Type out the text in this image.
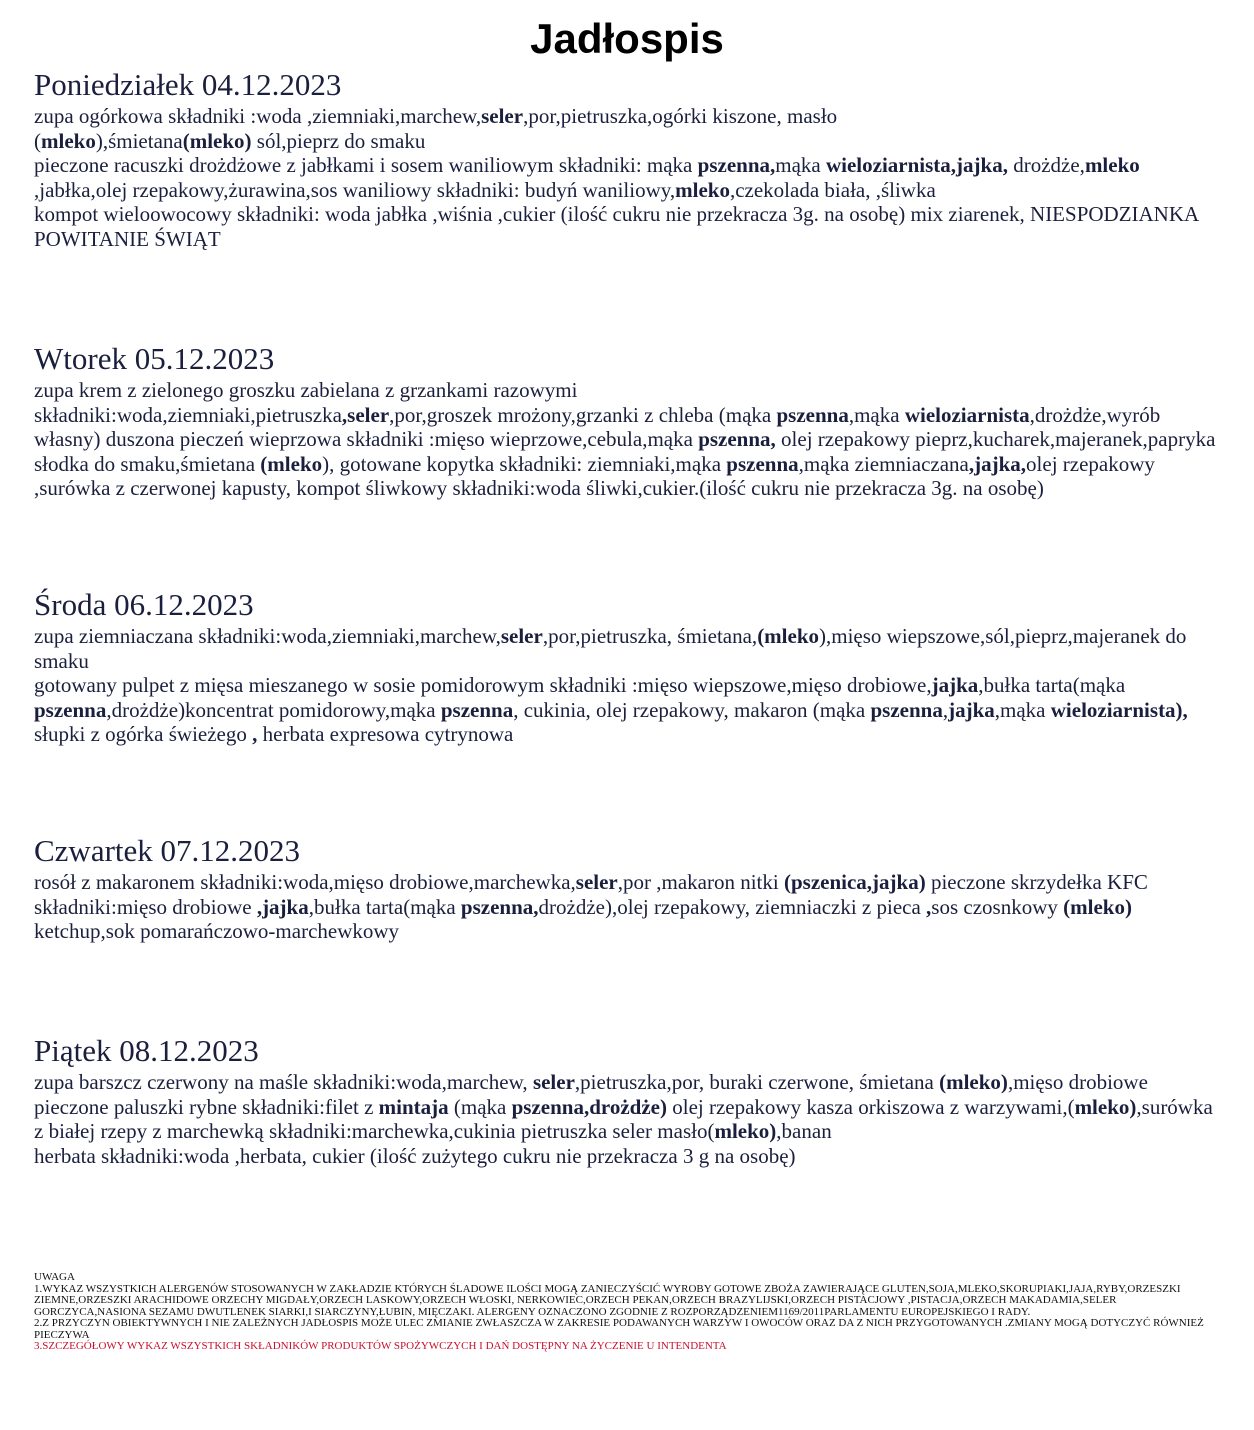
Jadłospis
Poniedziałek 04.12.2023
zupa ogórkowa składniki :woda ,ziemniaki,marchew,seler,por,pietruszka,ogórki kiszone, masło
(mleko),śmietana(mleko) sól,pieprz do smaku
pieczone racuszki drożdżowe z jabłkami i sosem waniliowym składniki: mąka pszenna,mąka wieloziarnista,jajka, drożdże,mleko ,jabłka,olej rzepakowy,żurawina,sos waniliowy składniki: budyń waniliowy,mleko,czekolada biała, ,śliwka
kompot wieloowocowy składniki: woda jabłka ,wiśnia ,cukier (ilość cukru nie przekracza 3g. na osobę) mix ziarenek, NIESPODZIANKA POWITANIE ŚWIĄT
Wtorek 05.12.2023
zupa krem z zielonego groszku zabielana z grzankami razowymi
składniki:woda,ziemniaki,pietruszka,seler,por,groszek mrożony,grzanki z chleba (mąka pszenna,mąka wieloziarnista,drożdże,wyrób własny) duszona pieczeń wieprzowa składniki :mięso wieprzowe,cebula,mąka pszenna, olej rzepakowy pieprz,kucharek,majeranek,papryka słodka do smaku,śmietana (mleko), gotowane kopytka składniki: ziemniaki,mąka pszenna,mąka ziemniaczana,jajka,olej rzepakowy ,surówka z czerwonej kapusty, kompot śliwkowy składniki:woda śliwki,cukier.(ilość cukru nie przekracza 3g. na osobę)
Środa 06.12.2023
zupa ziemniaczana składniki:woda,ziemniaki,marchew,seler,por,pietruszka, śmietana,(mleko),mięso wiepszowe,sól,pieprz,majeranek do smaku
gotowany pulpet z mięsa mieszanego w sosie pomidorowym składniki :mięso wiepszowe,mięso drobiowe,jajka,bułka tarta(mąka pszenna,drożdże)koncentrat pomidorowy,mąka pszenna, cukinia, olej rzepakowy, makaron (mąka pszenna,jajka,mąka wieloziarnista), słupki z ogórka świeżego , herbata expresowa cytrynowa
Czwartek 07.12.2023
rosół z makaronem składniki:woda,mięso drobiowe,marchewka,seler,por ,makaron nitki (pszenica,jajka) pieczone skrzydełka KFC składniki:mięso drobiowe ,jajka,bułka tarta(mąka pszenna,drożdże),olej rzepakowy, ziemniaczki z pieca ,sos czosnkowy (mleko) ketchup,sok pomarańczowo-marchewkowy
Piątek 08.12.2023
zupa barszcz czerwony na maśle składniki:woda,marchew, seler,pietruszka,por, buraki czerwone, śmietana (mleko),mięso drobiowe
pieczone paluszki rybne składniki:filet z mintaja (mąka pszenna,drożdże) olej rzepakowy kasza orkiszowa z warzywami,(mleko),surówka z białej rzepy z marchewką składniki:marchewka,cukinia pietruszka seler masło(mleko),banan
herbata składniki:woda ,herbata, cukier (ilość zużytego cukru nie przekracza 3 g na osobę)
UWAGA
1.WYKAZ WSZYSTKICH ALERGENÓW STOSOWANYCH W ZAKŁADZIE KTÓRYCH ŚLADOWE ILOŚCI MOGĄ ZANIECZYŚCIĆ WYROBY GOTOWE ZBOŻA ZAWIERAJĄCE GLUTEN,SOJA,MLEKO,SKORUPIAKI,JAJA,RYBY,ORZESZKI ZIEMNE,ORZESZKI ARACHIDOWE ORZECHY MIGDAŁY,ORZECH LASKOWY,ORZECH WŁOSKI, NERKOWIEC,ORZECH PEKAN,ORZECH BRAZYLIJSKI,ORZECH PISTACJOWY ,PISTACJA,ORZECH MAKADAMIA,SELER GORCZYCA,NASIONA SEZAMU DWUTLENEK SIARKI,I SIARCZYNY,ŁUBIN, MIĘCZAKI. ALERGENY OZNACZONO ZGODNIE Z ROZPORZĄDZENIEM1169/2011PARLAMENTU EUROPEJSKIEGO I RADY.
2.Z PRZYCZYN OBIEKTYWNYCH I NIE ZALEŻNYCH JADŁOSPIS MOŻE ULEC ZMIANIE ZWŁASZCZA W ZAKRESIE PODAWANYCH WARZYW I OWOCÓW ORAZ DA Z NICH PRZYGOTOWANYCH .ZMIANY MOGĄ DOTYCZYĆ RÓWNIEŻ PIECZYWA
3.SZCZEGÓŁOWY WYKAZ WSZYSTKICH SKŁADNIKÓW PRODUKTÓW SPOŻYWCZYCH I DAŃ DOSTĘPNY NA ŻYCZENIE U INTENDENTA
